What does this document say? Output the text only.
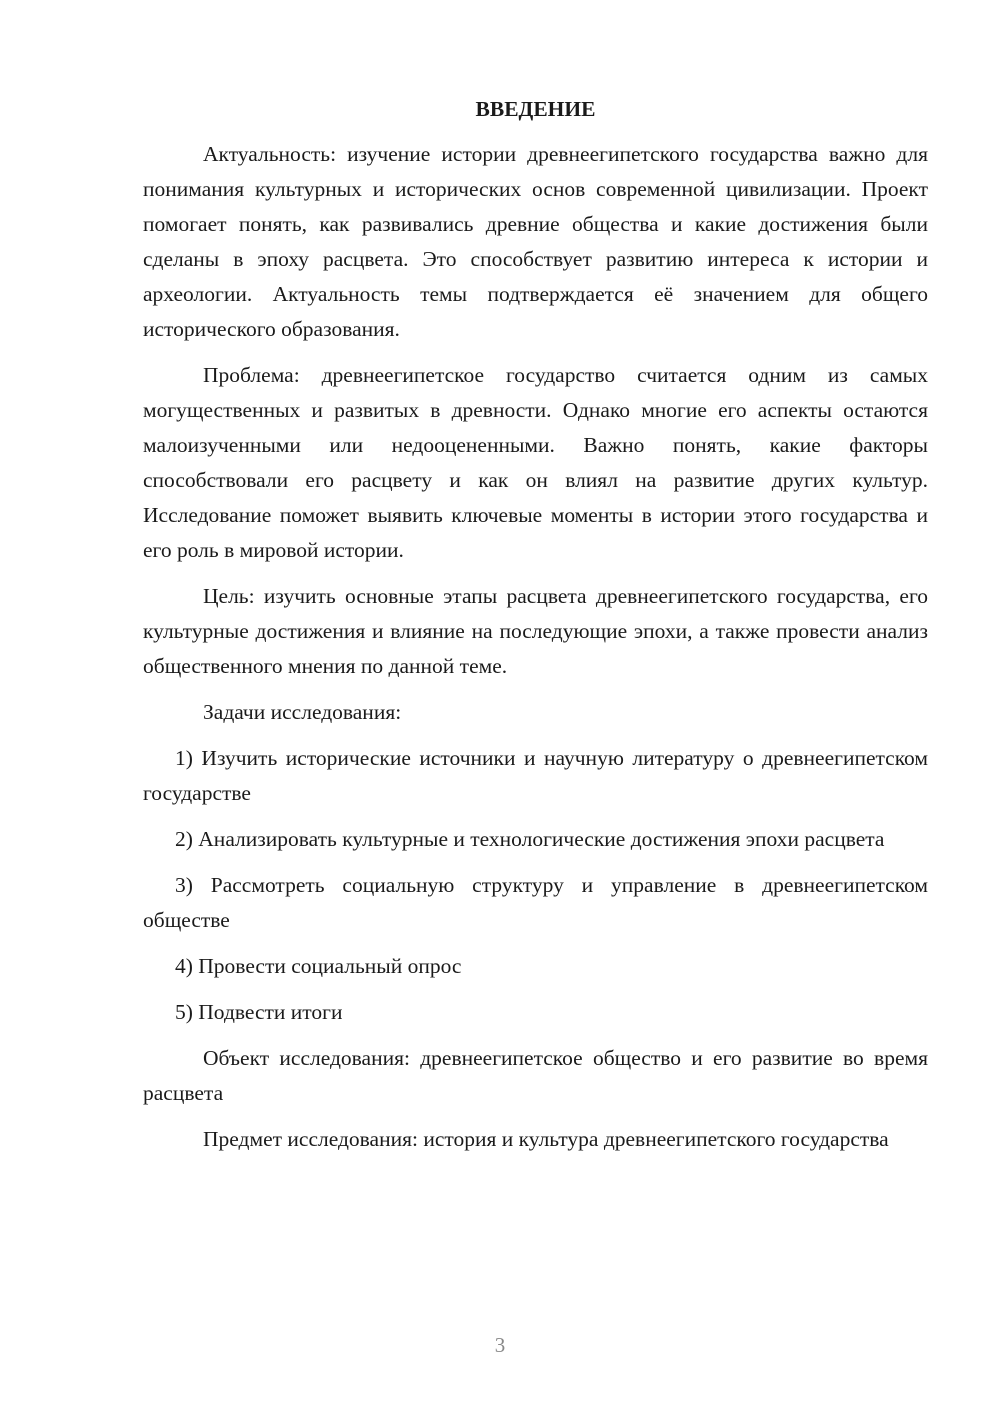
ВВЕДЕНИЕ

Актуальность: изучение истории древнеегипетского государства важно для понимания культурных и исторических основ современной цивилизации. Проект помогает понять, как развивались древние общества и какие достижения были сделаны в эпоху расцвета. Это способствует развитию интереса к истории и археологии. Актуальность темы подтверждается её значением для общего исторического образования.

Проблема: древнеегипетское государство считается одним из самых могущественных и развитых в древности. Однако многие его аспекты остаются малоизученными или недооцененными. Важно понять, какие факторы способствовали его расцвету и как он влиял на развитие других культур. Исследование поможет выявить ключевые моменты в истории этого государства и его роль в мировой истории.

Цель: изучить основные этапы расцвета древнеегипетского государства, его культурные достижения и влияние на последующие эпохи, а также провести анализ общественного мнения по данной теме.

Задачи исследования:

1) Изучить исторические источники и научную литературу о древнеегипетском государстве

2) Анализировать культурные и технологические достижения эпохи расцвета

3) Рассмотреть социальную структуру и управление в древнеегипетском обществе

4) Провести социальный опрос

5) Подвести итоги

Объект исследования: древнеегипетское общество и его развитие во время расцвета

Предмет исследования: история и культура древнеегипетского государства

3
